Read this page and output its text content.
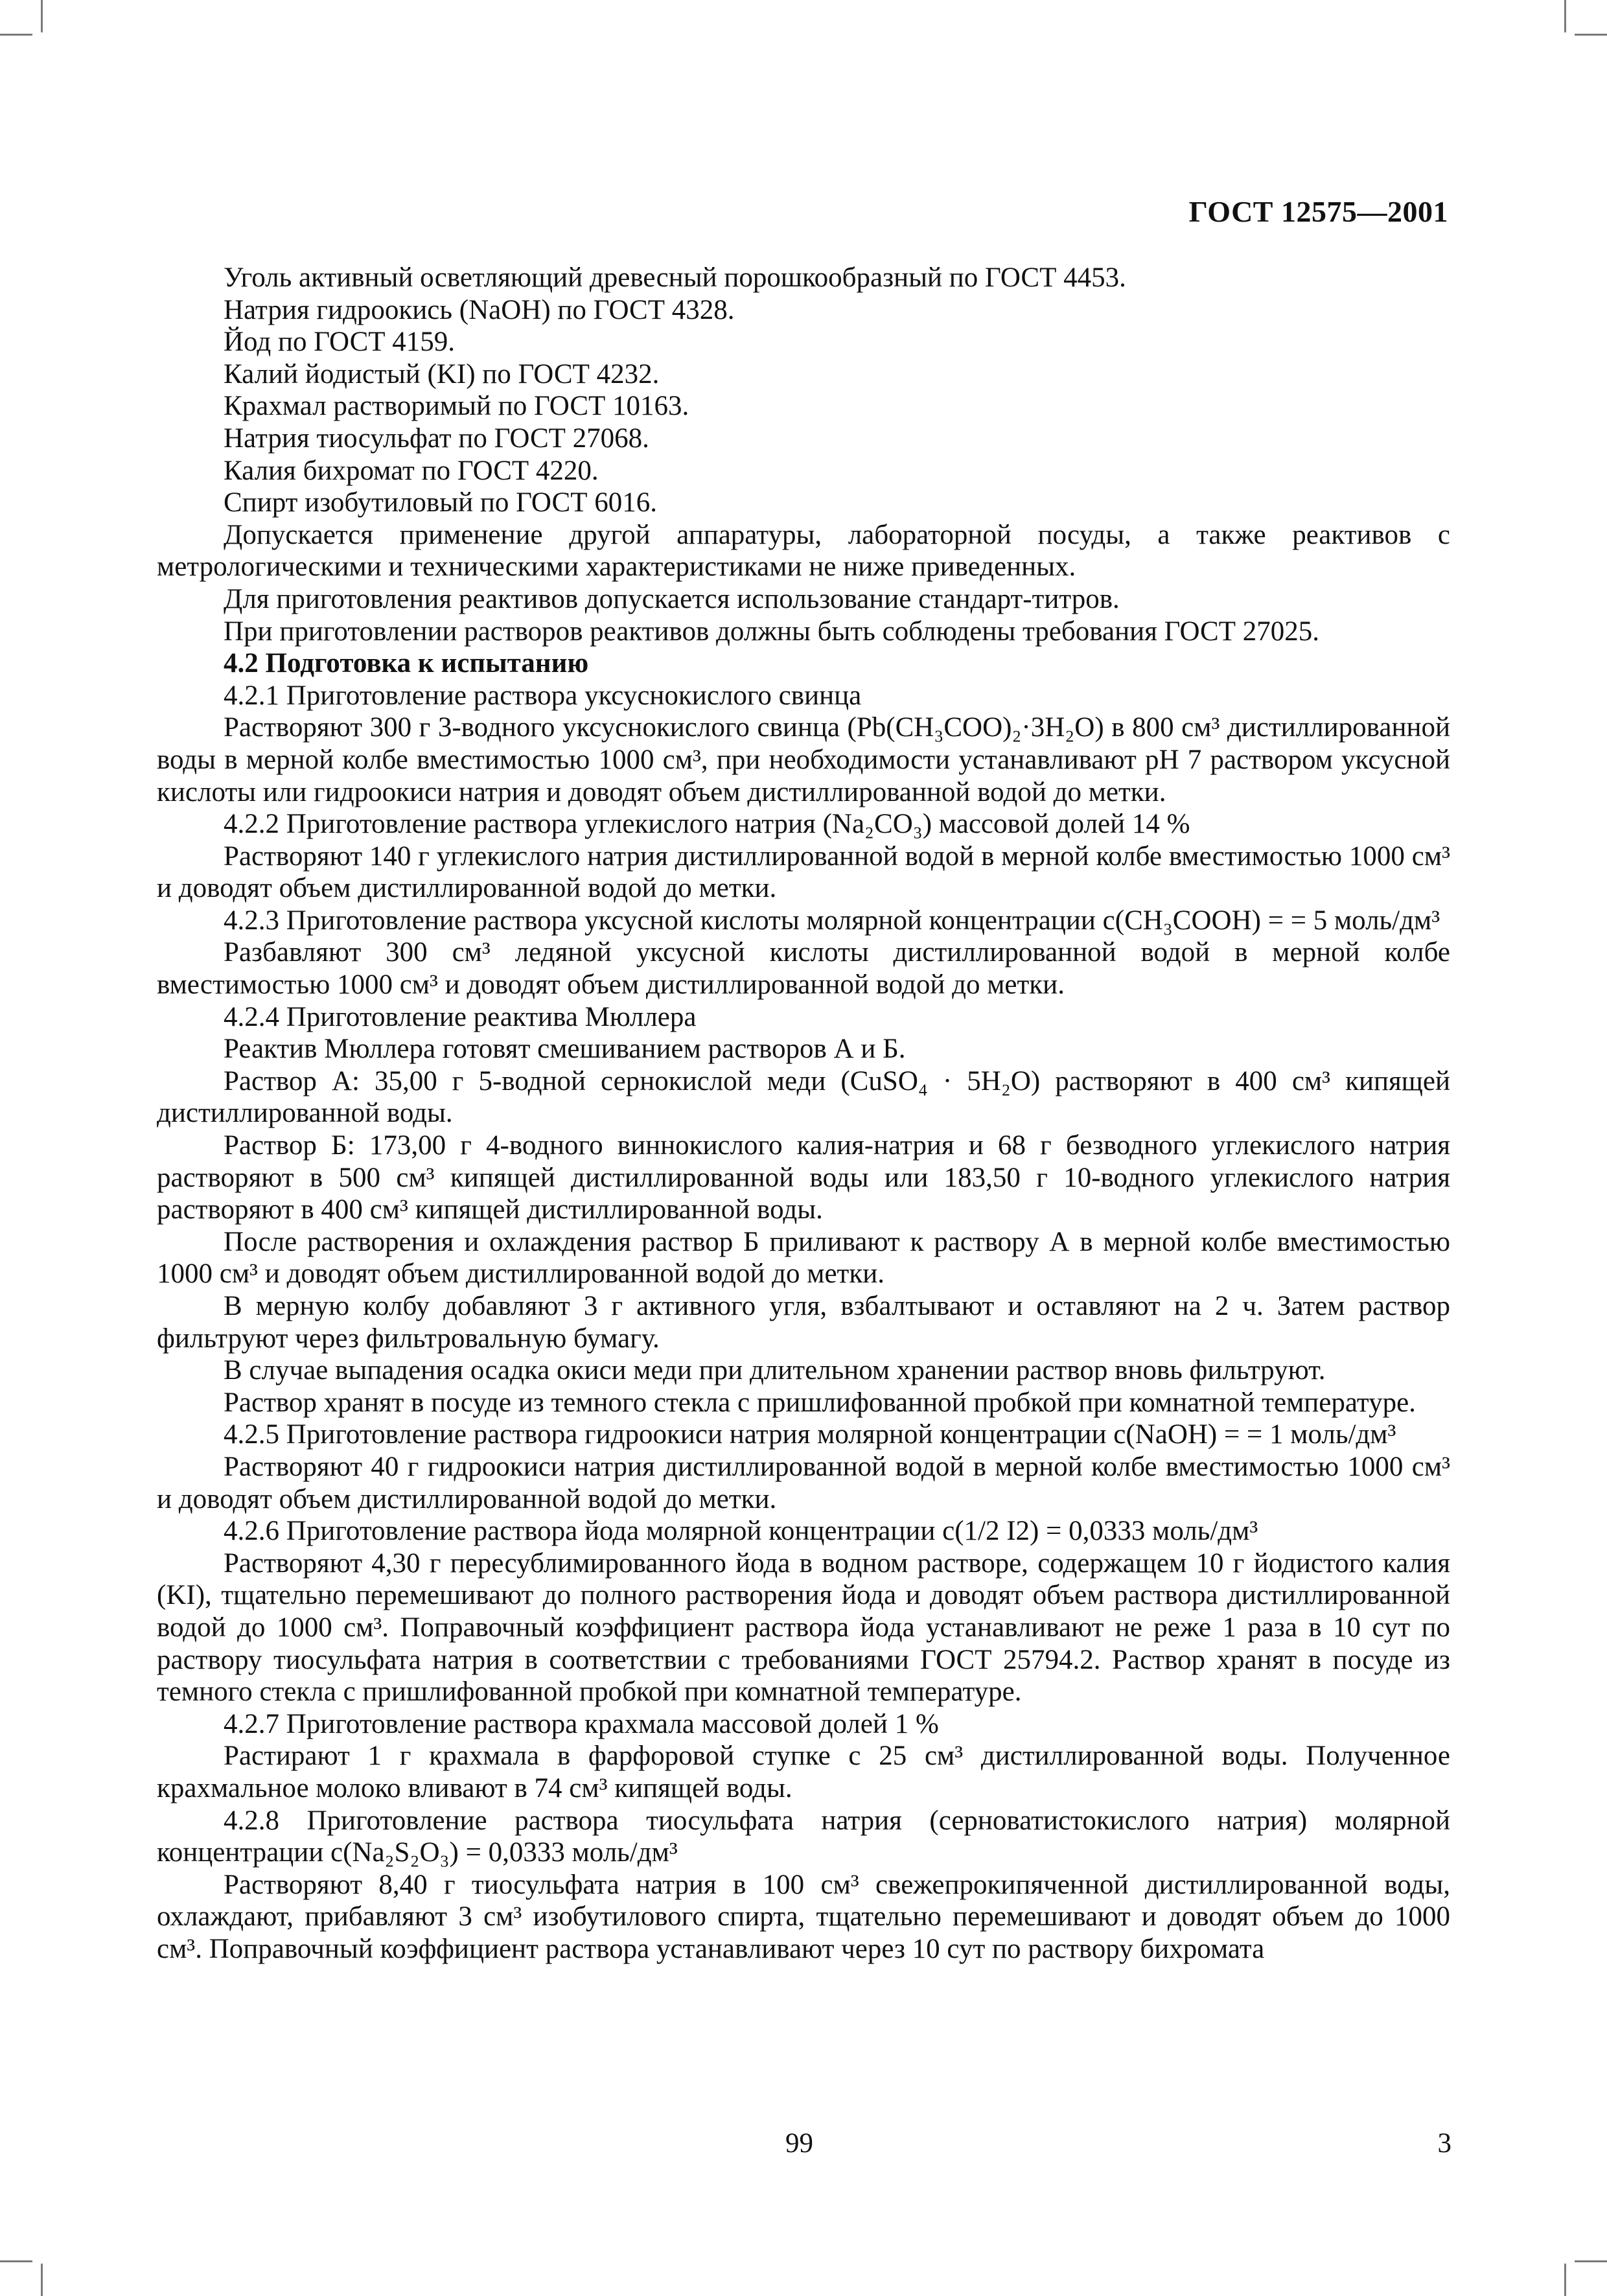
ГОСТ 12575—2001

Уголь активный осветляющий древесный порошкообразный по ГОСТ 4453.

Натрия гидроокись (NaOH) по ГОСТ 4328.

Йод по ГОСТ 4159.

Калий йодистый (KI) по ГОСТ 4232.

Крахмал растворимый по ГОСТ 10163.

Натрия тиосульфат по ГОСТ 27068.

Калия бихромат по ГОСТ 4220.

Спирт изобутиловый по ГОСТ 6016.

Допускается применение другой аппаратуры, лабораторной посуды, а также реактивов с метрологическими и техническими характеристиками не ниже приведенных.

Для приготовления реактивов допускается использование стандарт-титров.

При приготовлении растворов реактивов должны быть соблюдены требования ГОСТ 27025.

4.2 Подготовка к испытанию

4.2.1 Приготовление раствора уксуснокислого свинца

Растворяют 300 г 3-водного уксуснокислого свинца (Pb(CH₃COO)₂·3H₂O) в 800 см³ дистиллированной воды в мерной колбе вместимостью 1000 см³, при необходимости устанавливают рН 7 раствором уксусной кислоты или гидроокиси натрия и доводят объем дистиллированной водой до метки.

4.2.2 Приготовление раствора углекислого натрия (Na₂CO₃) массовой долей 14 %

Растворяют 140 г углекислого натрия дистиллированной водой в мерной колбе вместимостью 1000 см³ и доводят объем дистиллированной водой до метки.

4.2.3 Приготовление раствора уксусной кислоты молярной концентрации c(CH₃COOH) = = 5 моль/дм³

Разбавляют 300 см³ ледяной уксусной кислоты дистиллированной водой в мерной колбе вместимостью 1000 см³ и доводят объем дистиллированной водой до метки.

4.2.4 Приготовление реактива Мюллера

Реактив Мюллера готовят смешиванием растворов А и Б.

Раствор А: 35,00 г 5-водной сернокислой меди (CuSO₄ · 5H₂O) растворяют в 400 см³ кипящей дистиллированной воды.

Раствор Б: 173,00 г 4-водного виннокислого калия-натрия и 68 г безводного углекислого натрия растворяют в 500 см³ кипящей дистиллированной воды или 183,50 г 10-водного углекислого натрия растворяют в 400 см³ кипящей дистиллированной воды.

После растворения и охлаждения раствор Б приливают к раствору А в мерной колбе вместимостью 1000 см³ и доводят объем дистиллированной водой до метки.

В мерную колбу добавляют 3 г активного угля, взбалтывают и оставляют на 2 ч. Затем раствор фильтруют через фильтровальную бумагу.

В случае выпадения осадка окиси меди при длительном хранении раствор вновь фильтруют.

Раствор хранят в посуде из темного стекла с пришлифованной пробкой при комнатной температуре.

4.2.5 Приготовление раствора гидроокиси натрия молярной концентрации c(NaOH) = = 1 моль/дм³

Растворяют 40 г гидроокиси натрия дистиллированной водой в мерной колбе вместимостью 1000 см³ и доводят объем дистиллированной водой до метки.

4.2.6 Приготовление раствора йода молярной концентрации c(1/2 I2) = 0,0333 моль/дм³

Растворяют 4,30 г пересублимированного йода в водном растворе, содержащем 10 г йодистого калия (KI), тщательно перемешивают до полного растворения йода и доводят объем раствора дистиллированной водой до 1000 см³. Поправочный коэффициент раствора йода устанавливают не реже 1 раза в 10 сут по раствору тиосульфата натрия в соответствии с требованиями ГОСТ 25794.2. Раствор хранят в посуде из темного стекла с пришлифованной пробкой при комнатной температуре.

4.2.7 Приготовление раствора крахмала массовой долей 1 %

Растирают 1 г крахмала в фарфоровой ступке с 25 см³ дистиллированной воды. Полученное крахмальное молоко вливают в 74 см³ кипящей воды.

4.2.8 Приготовление раствора тиосульфата натрия (серноватистокислого натрия) молярной концентрации c(Na₂S₂O₃) = 0,0333 моль/дм³

Растворяют 8,40 г тиосульфата натрия в 100 см³ свежепрокипяченной дистиллированной воды, охлаждают, прибавляют 3 см³ изобутилового спирта, тщательно перемешивают и доводят объем до 1000 см³. Поправочный коэффициент раствора устанавливают через 10 сут по раствору бихромата

99	3
